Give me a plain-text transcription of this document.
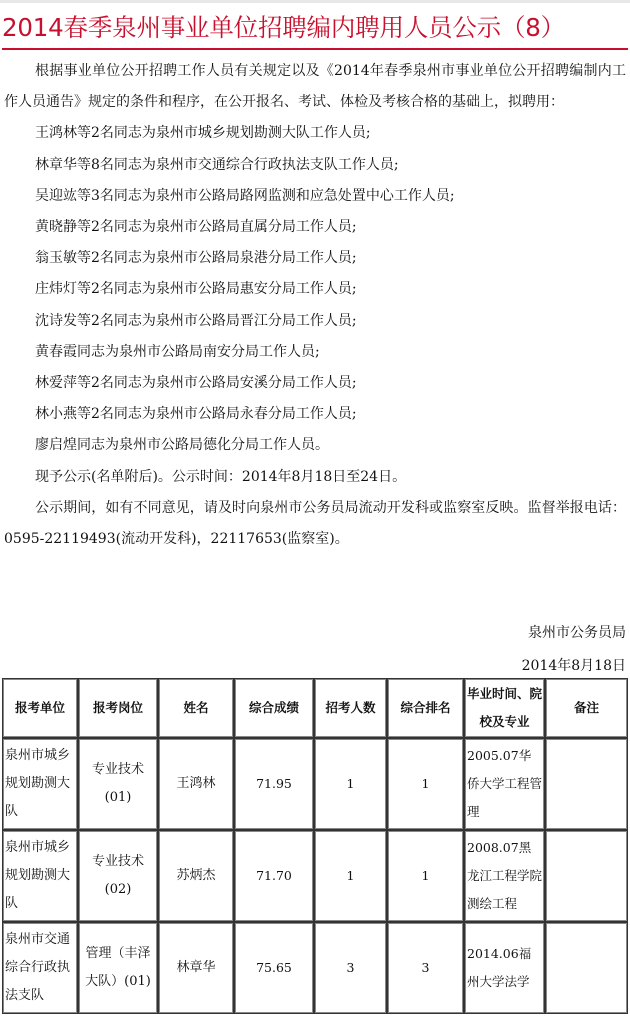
2014春季泉州事业单位招聘编内聘用人员公示（8）

根据事业单位公开招聘工作人员有关规定以及《2014年春季泉州市事业单位公开招聘编制内工作人员通告》规定的条件和程序，在公开报名、考试、体检及考核合格的基础上，拟聘用：

王鸿林等2名同志为泉州市城乡规划勘测大队工作人员;

林章华等8名同志为泉州市交通综合行政执法支队工作人员;

吴迎竑等3名同志为泉州市公路局路网监测和应急处置中心工作人员;

黄晓静等2名同志为泉州市公路局直属分局工作人员;

翁玉敏等2名同志为泉州市公路局泉港分局工作人员;

庄炜灯等2名同志为泉州市公路局惠安分局工作人员;

沈诗发等2名同志为泉州市公路局晋江分局工作人员;

黄春霞同志为泉州市公路局南安分局工作人员;

林爱萍等2名同志为泉州市公路局安溪分局工作人员;

林小燕等2名同志为泉州市公路局永春分局工作人员;

廖启煌同志为泉州市公路局德化分局工作人员。

现予公示(名单附后)。公示时间：2014年8月18日至24日。

公示期间，如有不同意见，请及时向泉州市公务员局流动开发科或监察室反映。监督举报电话：0595-22119493(流动开发科)，22117653(监察室)。

泉州市公务员局
2014年8月18日
报考单位	报考岗位	姓名	综合成绩	招考人数	综合排名	毕业时间、院校及专业	备注
泉州市城乡规划勘测大队	专业技术(01)	王鸿林	71.95	1	1	2005.07华侨大学工程管理	
泉州市城乡规划勘测大队	专业技术(02)	苏炳杰	71.70	1	1	2008.07黑龙江工程学院测绘工程	
泉州市交通综合行政执法支队	管理（丰泽大队）(01)	林章华	75.65	3	3	2014.06福州大学法学	
